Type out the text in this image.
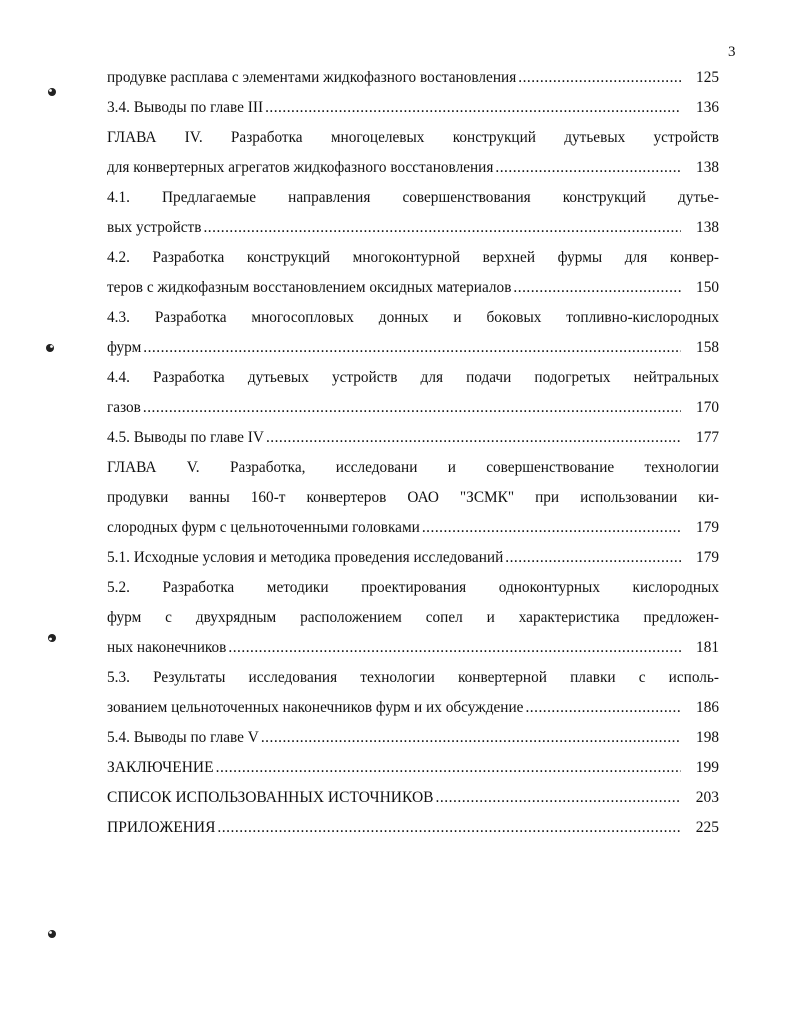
3
продувке расплава с элементами жидкофазного востановления .....	125
3.4. Выводы по главе III .....	136
ГЛАВА IV. Разработка многоцелевых конструкций дутьевых устройств
для конвертерных агрегатов жидкофазного восстановления .....	138
4.1. Предлагаемые направления совершенствования конструкций дутье-
вых устройств .....	138
4.2. Разработка конструкций многоконтурной верхней фурмы для конвер-
теров с жидкофазным восстановлением оксидных материалов .....	150
4.3. Разработка многосопловых донных и боковых топливно-кислородных
фурм .....	158
4.4. Разработка дутьевых устройств для подачи подогретых нейтральных
газов .....	170
4.5. Выводы по главе IV .....	177
ГЛАВА V. Разработка, исследовани и совершенствование технологии
продувки ванны 160-т конвертеров ОАО "ЗСМК" при использовании ки-
слородных фурм с цельноточенными головками .....	179
5.1. Исходные условия и методика проведения исследований .....	179
5.2. Разработка методики проектирования одноконтурных кислородных
фурм с двухрядным расположением сопел и характеристика предложен-
ных наконечников .....	181
5.3. Результаты исследования технологии конвертерной плавки с исполь-
зованием цельноточенных наконечников фурм и их обсуждение .....	186
5.4. Выводы по главе V .....	198
ЗАКЛЮЧЕНИЕ .....	199
СПИСОК ИСПОЛЬЗОВАННЫХ ИСТОЧНИКОВ .....	203
ПРИЛОЖЕНИЯ .....	225
